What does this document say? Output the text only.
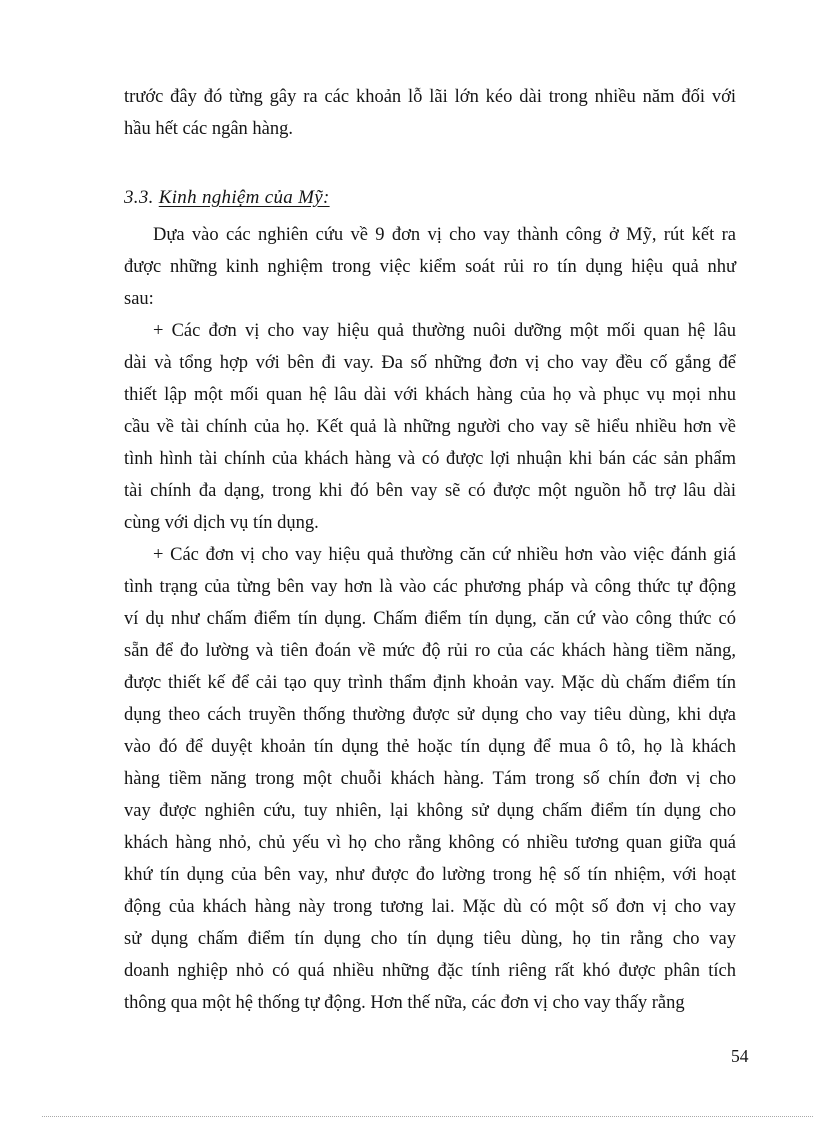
trước đây đó từng gây ra các khoản lỗ lãi lớn kéo dài trong nhiều năm đối với
hầu hết các ngân hàng.
3.3. Kinh nghiệm của Mỹ:
Dựa vào các nghiên cứu về 9 đơn vị cho vay thành công ở Mỹ, rút kết ra
được những kinh nghiệm trong việc kiểm soát rủi ro tín dụng hiệu quả như
sau:
+ Các đơn vị cho vay hiệu quả thường nuôi dưỡng một mối quan hệ lâu
dài và tổng hợp với bên đi vay. Đa số những đơn vị cho vay đều cố gắng để
thiết lập một mối quan hệ lâu dài với khách hàng của họ và phục vụ mọi nhu
cầu về tài chính của họ. Kết quả là những người cho vay sẽ hiểu nhiều hơn về
tình hình tài chính của khách hàng và có được lợi nhuận khi bán các sản phẩm
tài chính đa dạng, trong khi đó bên vay sẽ có được một nguồn hỗ trợ lâu dài
cùng với dịch vụ tín dụng.
+ Các đơn vị cho vay hiệu quả thường căn cứ nhiều hơn vào việc đánh giá
tình trạng của từng bên vay hơn là vào các phương pháp và công thức tự động
ví dụ như chấm điểm tín dụng. Chấm điểm tín dụng, căn cứ vào công thức có
sẵn để đo lường và tiên đoán về mức độ rủi ro của các khách hàng tiềm năng,
được thiết kế để cải tạo quy trình thẩm định khoản vay. Mặc dù chấm điểm tín
dụng theo cách truyền thống thường được sử dụng cho vay tiêu dùng, khi dựa
vào đó để duyệt khoản tín dụng thẻ hoặc tín dụng để mua ô tô, họ là khách
hàng tiềm năng trong một chuỗi khách hàng. Tám trong số chín đơn vị cho
vay được nghiên cứu, tuy nhiên, lại không sử dụng chấm điểm tín dụng cho
khách hàng nhỏ, chủ yếu vì họ cho rằng không có nhiều tương quan giữa quá
khứ tín dụng của bên vay, như được đo lường trong hệ số tín nhiệm, với hoạt
động của khách hàng này trong tương lai. Mặc dù có một số đơn vị cho vay
sử dụng chấm điểm tín dụng cho tín dụng tiêu dùng, họ tin rằng cho vay
doanh nghiệp nhỏ có quá nhiều những đặc tính riêng rất khó được phân tích
thông qua một hệ thống tự động. Hơn thế nữa, các đơn vị cho vay thấy rằng
54
